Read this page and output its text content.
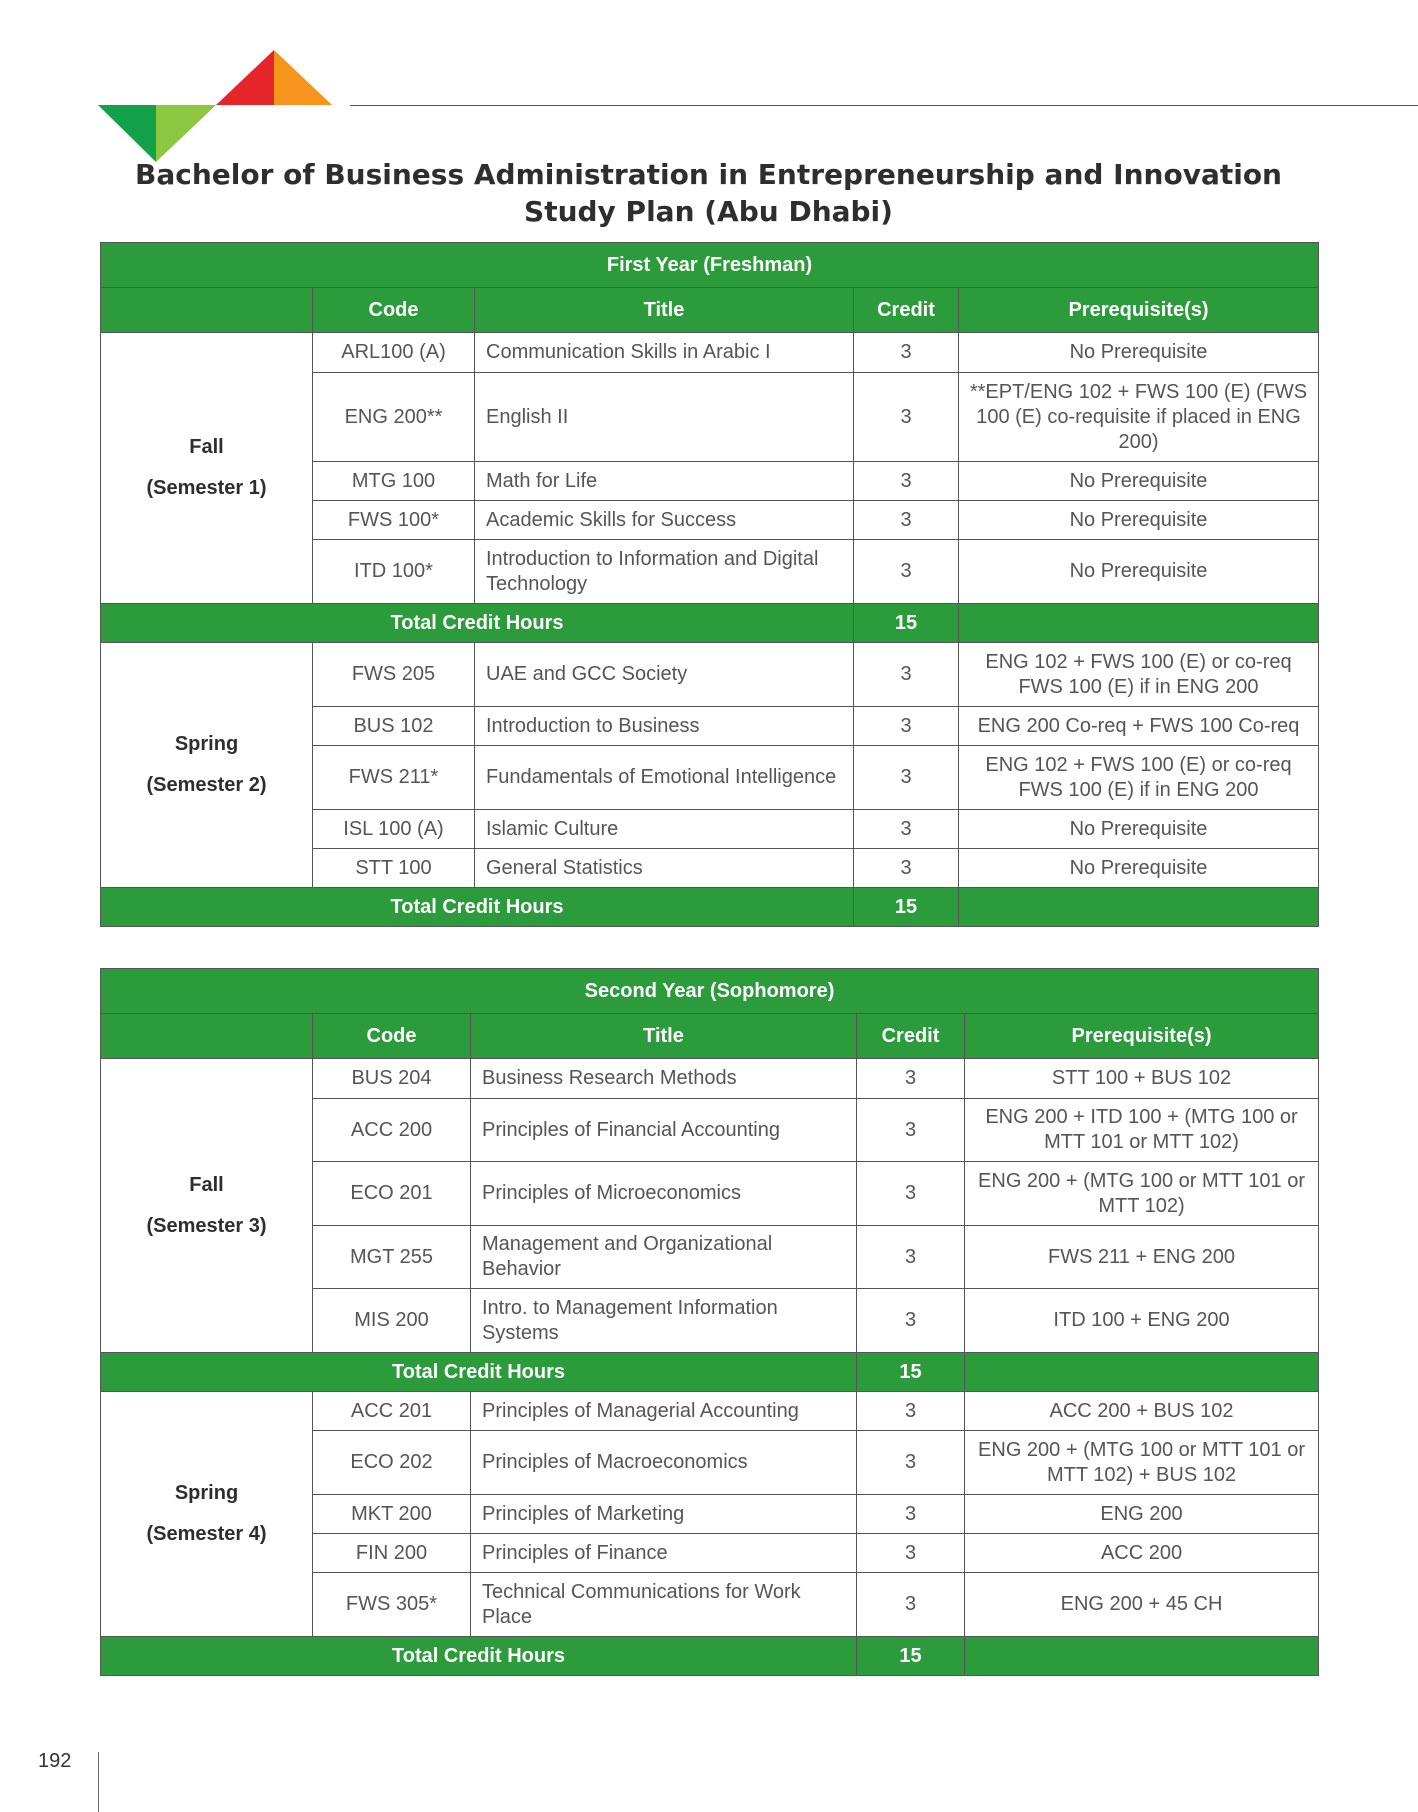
Bachelor of Business Administration in Entrepreneurship and Innovation
Study Plan (Abu Dhabi)
First Year (Freshman)				
	Code	Title	Credit	Prerequisite(s)

Fall
(Semester 1)	ARL100 (A)	Communication Skills in Arabic I	3	No Prerequisite
	ENG 200**	English II	3	**EPT/ENG 102 + FWS 100 (E) (FWS 100 (E) co-requisite if placed in ENG 200)
	MTG 100	Math for Life	3	No Prerequisite
	FWS 100*	Academic Skills for Success	3	No Prerequisite
	ITD 100*	Introduction to Information and Digital Technology	3	No Prerequisite
Total Credit Hours			15	

Spring
(Semester 2)	FWS 205	UAE and GCC Society	3	ENG 102 + FWS 100 (E) or co-req FWS 100 (E) if in ENG 200
	BUS 102	Introduction to Business	3	ENG 200 Co-req + FWS 100 Co-req
	FWS 211*	Fundamentals of Emotional Intelligence	3	ENG 102 + FWS 100 (E) or co-req FWS 100 (E) if in ENG 200
	ISL 100 (A)	Islamic Culture	3	No Prerequisite
	STT 100	General Statistics	3	No Prerequisite
Total Credit Hours			15	
Second Year (Sophomore)				
	Code	Title	Credit	Prerequisite(s)

Fall
(Semester 3)	BUS 204	Business Research Methods	3	STT 100 + BUS 102
	ACC 200	Principles of Financial Accounting	3	ENG 200 + ITD 100 + (MTG 100 or MTT 101 or MTT 102)
	ECO 201	Principles of Microeconomics	3	ENG 200 + (MTG 100 or MTT 101 or MTT 102)
	MGT 255	Management and Organizational Behavior	3	FWS 211 + ENG 200
	MIS 200	Intro. to Management Information Systems	3	ITD 100 + ENG 200
Total Credit Hours			15	

Spring
(Semester 4)	ACC 201	Principles of Managerial Accounting	3	ACC 200 + BUS 102
	ECO 202	Principles of Macroeconomics	3	ENG 200 + (MTG 100 or MTT 101 or MTT 102) + BUS 102
	MKT 200	Principles of Marketing	3	ENG 200
	FIN 200	Principles of Finance	3	ACC 200
	FWS 305*	Technical Communications for Work Place	3	ENG 200 + 45 CH
Total Credit Hours			15	
192
